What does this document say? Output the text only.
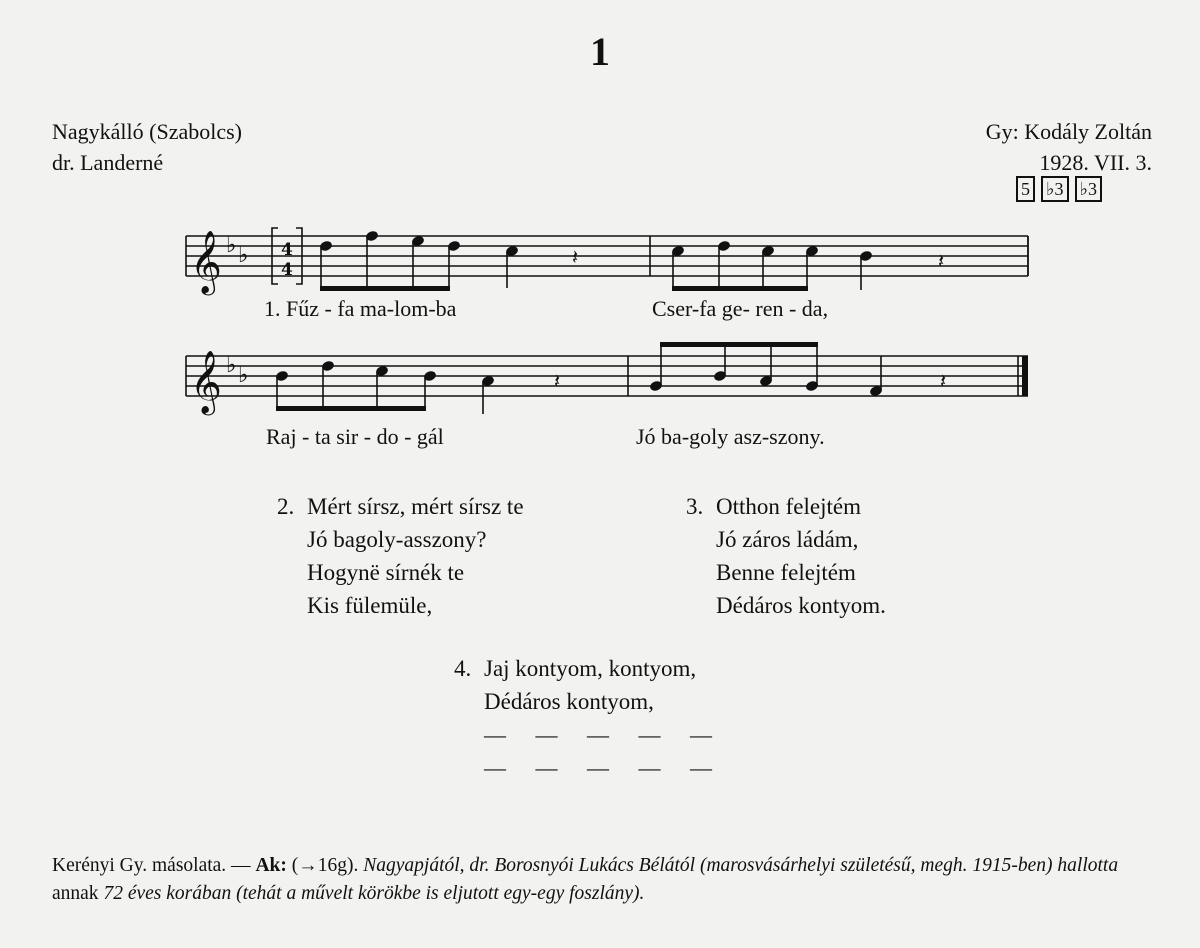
1
Nagykálló (Szabolcs)
dr. Landerné
Gy: Kodály Zoltán
1928. VII. 3.
5 ♭3 ♭3
𝄞 ♭ ♭ 4
4
𝄽	𝄽
𝄞 ♭ ♭	𝄽	𝄽
1. Fűz - fa ma-lom-ba	Cser-fa ge- ren - da,
Raj - ta sir - do - gál	Jó ba-goly asz-szony.
2. Mért sírsz, mért sírsz te
Jó bagoly-asszony?
Hogynë sírnék te
Kis fülemüle,
3. Otthon felejtém
Jó záros ládám,
Benne felejtém
Dédáros kontyom.
4. Jaj kontyom, kontyom,
Dédáros kontyom,
— — — — —
— — — — —
Kerényi Gy. másolata. — Ak: (→16g). Nagyapjától, dr. Borosnyói Lukács Bélától (marosvásárhelyi születésű, megh. 1915-ben) hallotta annak 72 éves korában (tehát a művelt körökbe is eljutott egy-egy foszlány).
